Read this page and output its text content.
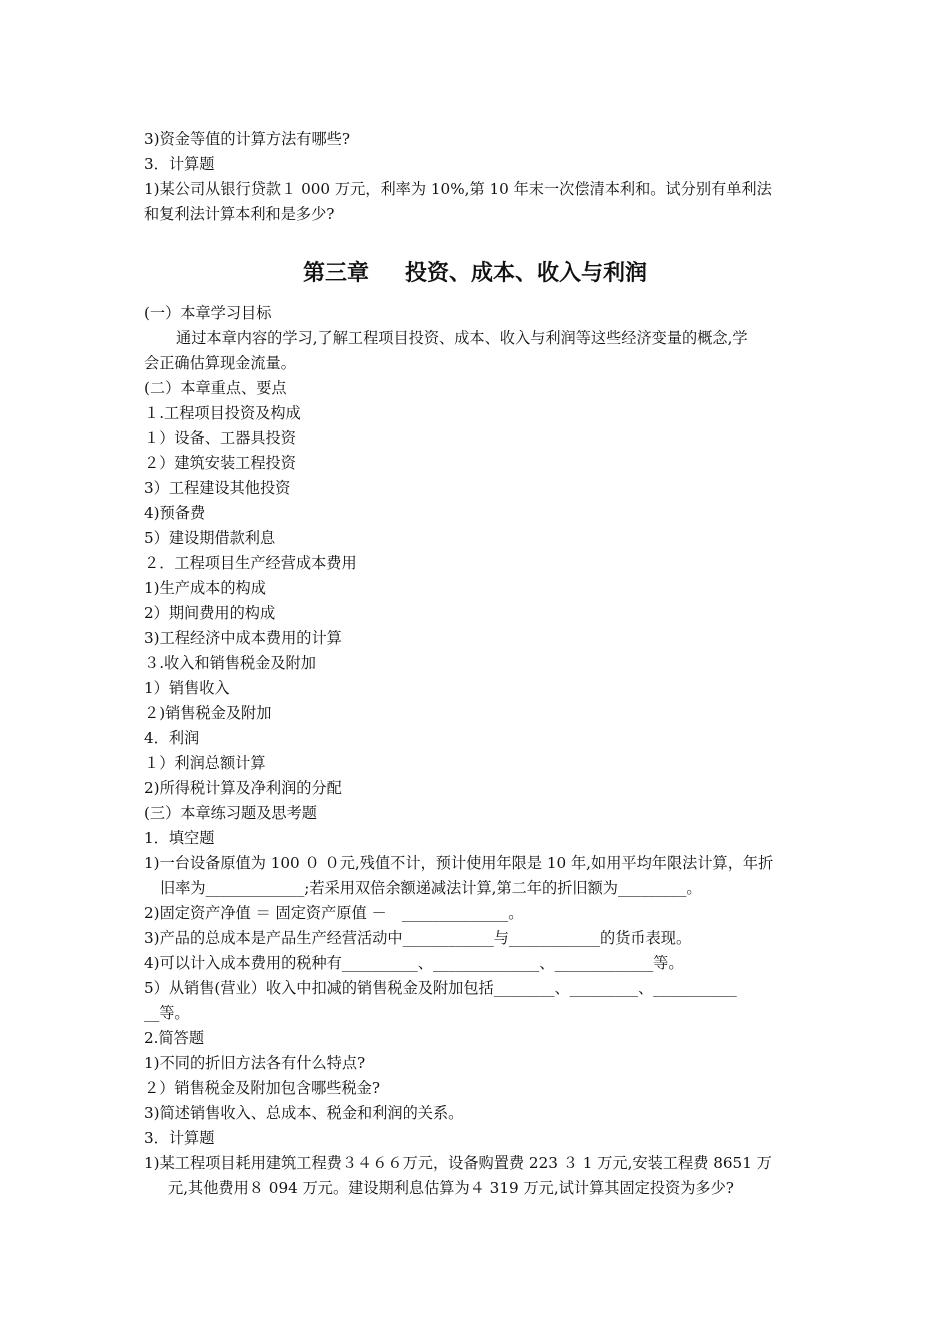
3)资金等值的计算方法有哪些?
3．计算题
1)某公司从银行贷款１ 000 万元，利率为 10%,第 10 年末一次偿清本利和。试分别有单利法
和复利法计算本利和是多少?
第三章 投资、成本、收入与利润
(一）本章学习目标
通过本章内容的学习,了解工程项目投资、成本、收入与利润等这些经济变量的概念,学
会正确估算现金流量。
(二）本章重点、要点
１.工程项目投资及构成
１）设备、工器具投资
２）建筑安装工程投资
3）工程建设其他投资
4)预备费
5）建设期借款利息
２．工程项目生产经营成本费用
1)生产成本的构成
2）期间费用的构成
3)工程经济中成本费用的计算
３.收入和销售税金及附加
1）销售收入
２)销售税金及附加
4．利润
１）利润总额计算
2)所得税计算及净利润的分配
(三）本章练习题及思考题
1．填空题
1)一台设备原值为 100 ０ ０元,残值不计，预计使用年限是 10 年,如用平均年限法计算，年折
旧率为_____________;若采用双倍余额递减法计算,第二年的折旧额为_________。
2)固定资产净值 ＝ 固定资产原值 －　______________。
3)产品的总成本是产品生产经营活动中____________与____________的货币表现。
4)可以计入成本费用的税种有__________、______________、_____________等。
5）从销售(营业）收入中扣减的销售税金及附加包括________、_________、___________
__等。
2.简答题
1)不同的折旧方法各有什么特点?
２）销售税金及附加包含哪些税金?
3)简述销售收入、总成本、税金和利润的关系。
3．计算题
1)某工程项目耗用建筑工程费３４６６万元，设备购置费 223 ３ 1 万元,安装工程费 8651 万
元,其他费用８ 094 万元。建设期利息估算为４ 319 万元,试计算其固定投资为多少?
